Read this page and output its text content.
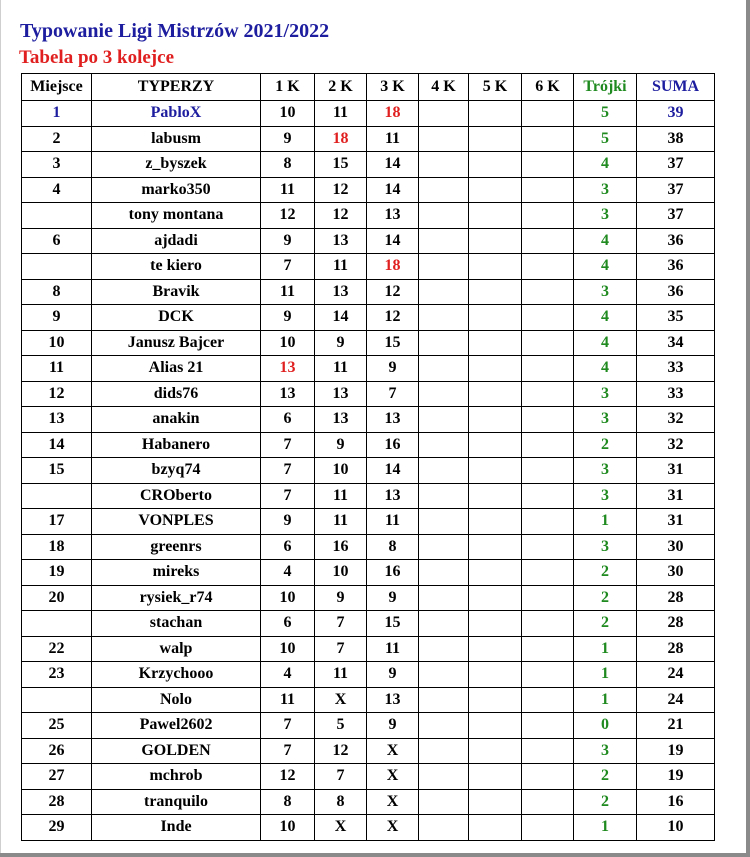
Typowanie Ligi Mistrzów 2021/2022
Tabela po 3 kolejce
Miejsce	TYPERZY	1 K	2 K	3 K	4 K	5 K	6 K	Trójki	SUMA
1	PabloX	10	11	18				5	39
2	labusm	9	18	11				5	38
3	z_byszek	8	15	14				4	37
4	marko350	11	12	14				3	37
	tony montana	12	12	13				3	37
6	ajdadi	9	13	14				4	36
	te kiero	7	11	18				4	36
8	Bravik	11	13	12				3	36
9	DCK	9	14	12				4	35
10	Janusz Bajcer	10	9	15				4	34
11	Alias 21	13	11	9				4	33
12	dids76	13	13	7				3	33
13	anakin	6	13	13				3	32
14	Habanero	7	9	16				2	32
15	bzyq74	7	10	14				3	31
	CROberto	7	11	13				3	31
17	VONPLES	9	11	11				1	31
18	greenrs	6	16	8				3	30
19	mireks	4	10	16				2	30
20	rysiek_r74	10	9	9				2	28
	stachan	6	7	15				2	28
22	walp	10	7	11				1	28
23	Krzychooo	4	11	9				1	24
	Nolo	11	X	13				1	24
25	Pawel2602	7	5	9				0	21
26	GOLDEN	7	12	X				3	19
27	mchrob	12	7	X				2	19
28	tranquilo	8	8	X				2	16
29	Inde	10	X	X				1	10
